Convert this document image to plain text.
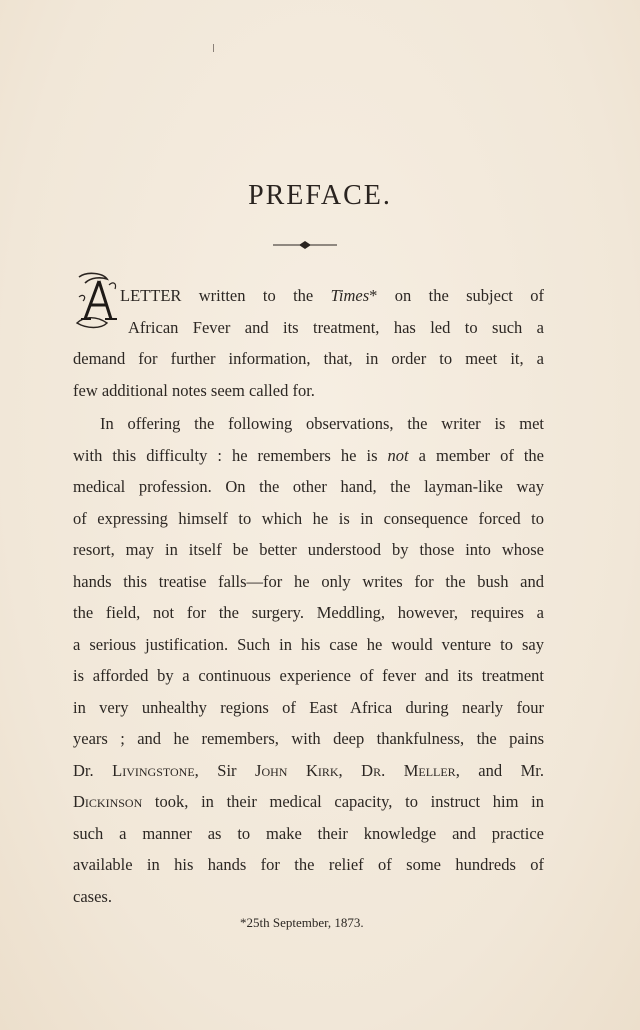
PREFACE.
LETTER written to the Times* on the subject of
African Fever and its treatment, has led to such a
demand for further information, that, in order to meet it, a
few additional notes seem called for.
In offering the following observations, the writer is met
with this difficulty : he remembers he is not a member of the
medical profession. On the other hand, the layman-like way
of expressing himself to which he is in consequence forced to
resort, may in itself be better understood by those into whose
hands this treatise falls—for he only writes for the bush and
the field, not for the surgery. Meddling, however, requires a
a serious justification. Such in his case he would venture to say
is afforded by a continuous experience of fever and its treatment
in very unhealthy regions of East Africa during nearly four
years ; and he remembers, with deep thankfulness, the pains
Dr. Livingstone, Sir John Kirk, Dr. Meller, and Mr.
Dickinson took, in their medical capacity, to instruct him in
such a manner as to make their knowledge and practice
available in his hands for the relief of some hundreds of
cases.
*25th September, 1873.
